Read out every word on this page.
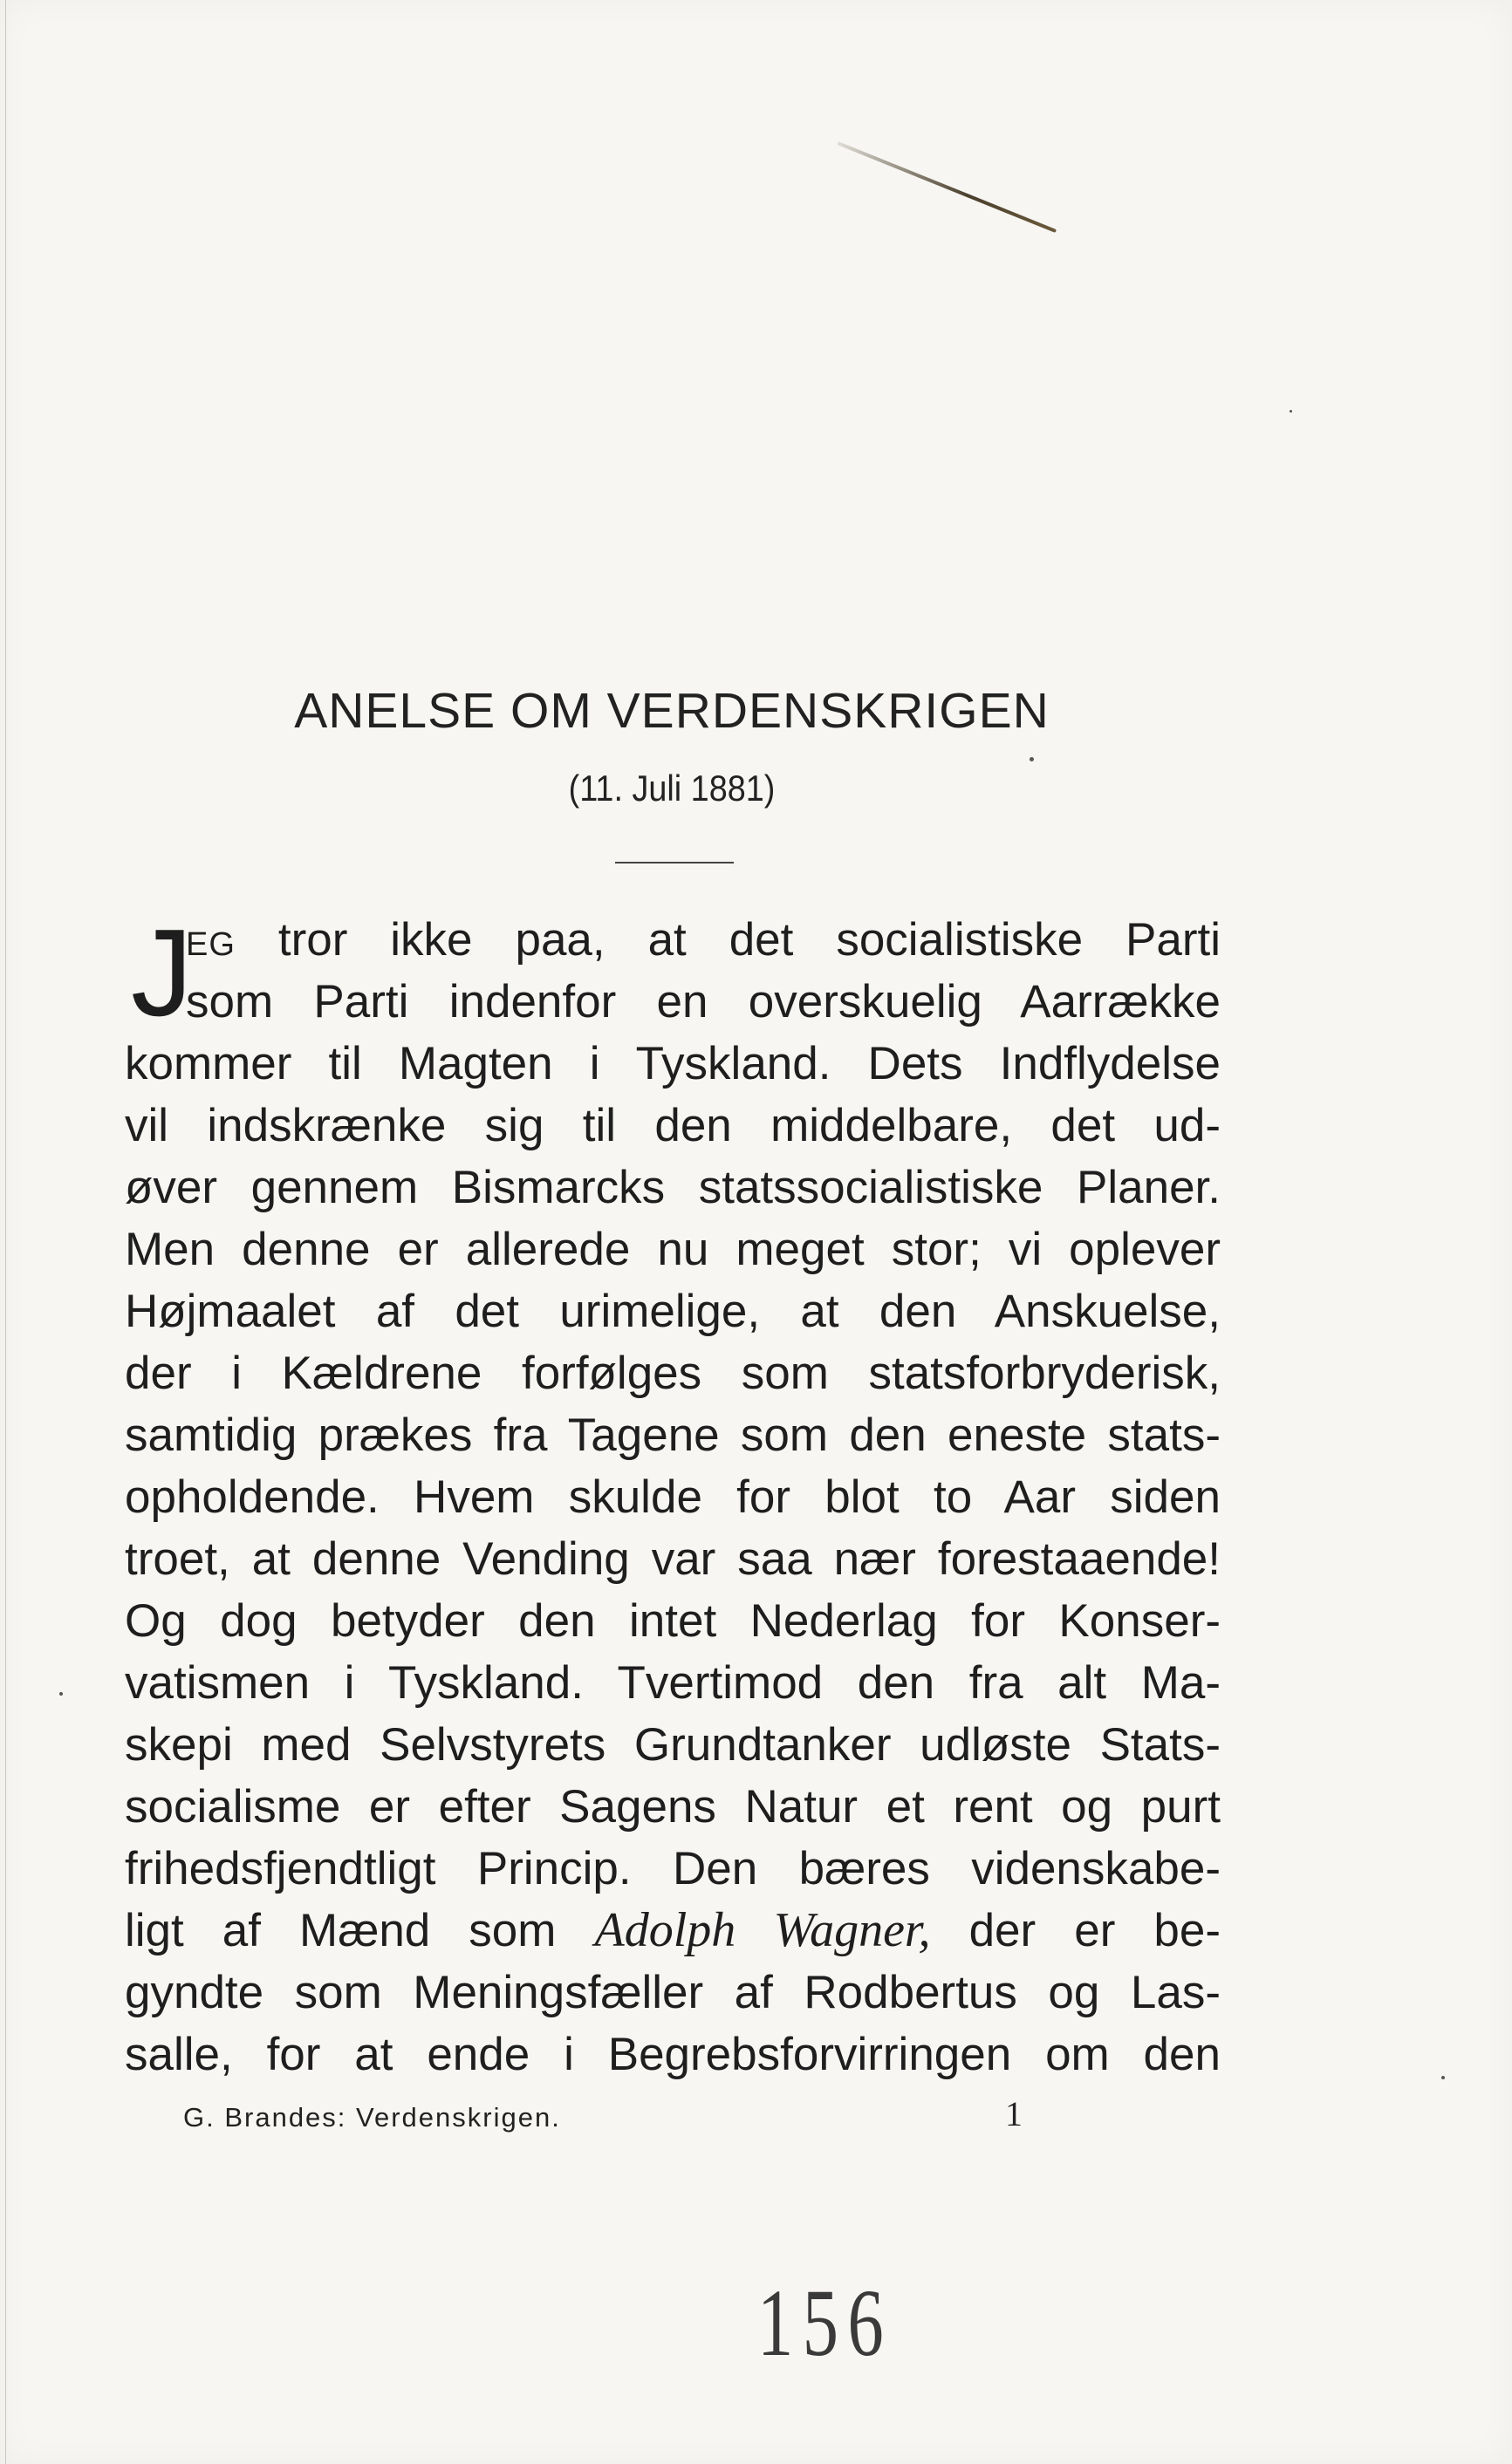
ANELSE OM VERDENSKRIGEN
(11. Juli 1881)
J
EG tror ikke paa, at det socialistiske Parti
som Parti indenfor en overskuelig Aarrække
kommer til Magten i Tyskland. Dets Indflydelse
vil indskrænke sig til den middelbare, det ud-
øver gennem Bismarcks statssocialistiske Planer.
Men denne er allerede nu meget stor; vi oplever
Højmaalet af det urimelige, at den Anskuelse,
der i Kældrene forfølges som statsforbryderisk,
samtidig prækes fra Tagene som den eneste stats-
opholdende. Hvem skulde for blot to Aar siden
troet, at denne Vending var saa nær forestaaende!
Og dog betyder den intet Nederlag for Konser-
vatismen i Tyskland. Tvertimod den fra alt Ma-
skepi med Selvstyrets Grundtanker udløste Stats-
socialisme er efter Sagens Natur et rent og purt
frihedsfjendtligt Princip. Den bæres videnskabe-
ligt af Mænd som Adolph Wagner, der er be-
gyndte som Meningsfæller af Rodbertus og Las-
salle, for at ende i Begrebsforvirringen om den
G. Brandes: Verdenskrigen.	1
156
